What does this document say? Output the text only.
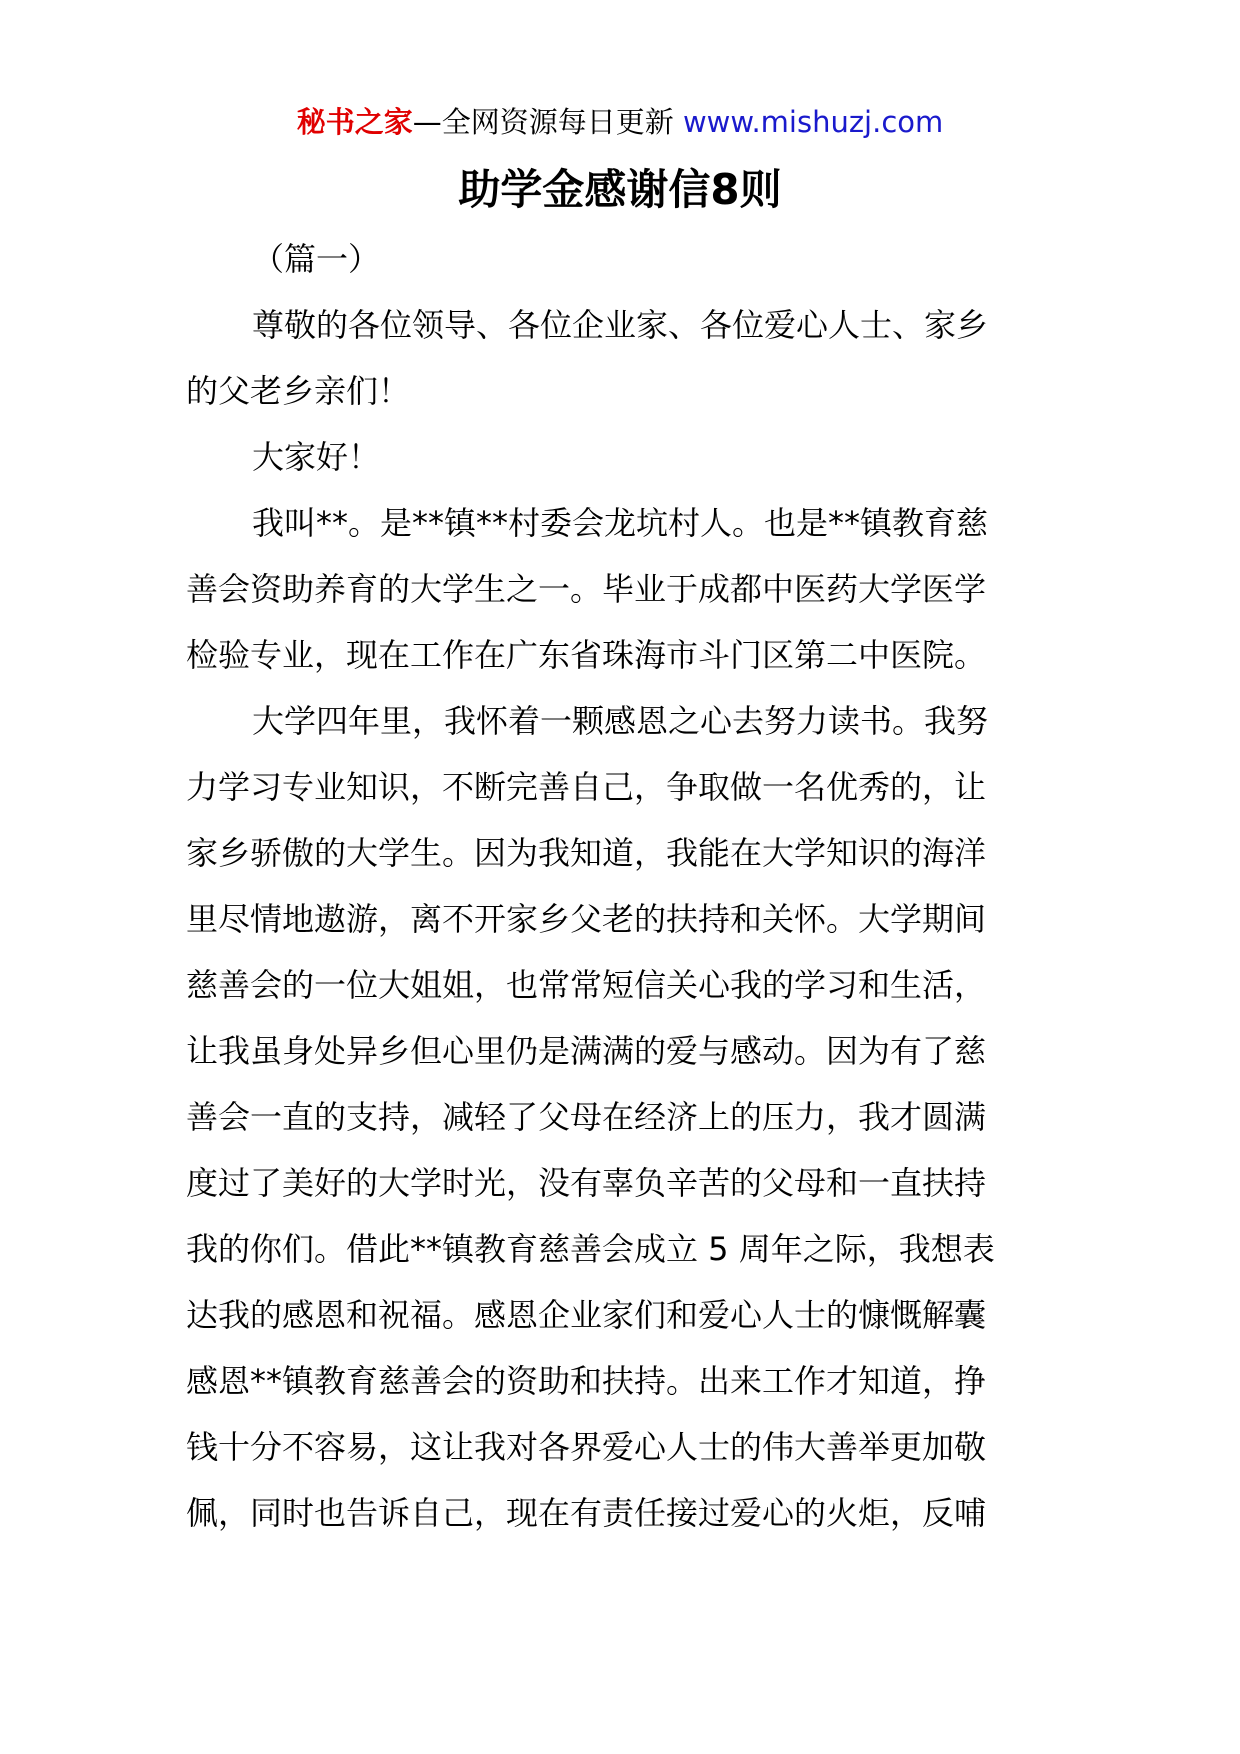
秘书之家—全网资源每日更新 www.mishuzj.com
助学金感谢信8则
（篇一）
尊敬的各位领导、各位企业家、各位爱心人士、家乡
的父老乡亲们！
大家好！
我叫**。是**镇**村委会龙坑村人。也是**镇教育慈
善会资助养育的大学生之一。毕业于成都中医药大学医学
检验专业，现在工作在广东省珠海市斗门区第二中医院。
大学四年里，我怀着一颗感恩之心去努力读书。我努
力学习专业知识，不断完善自己，争取做一名优秀的，让
家乡骄傲的大学生。因为我知道，我能在大学知识的海洋
里尽情地遨游，离不开家乡父老的扶持和关怀。大学期间
慈善会的一位大姐姐，也常常短信关心我的学习和生活，
让我虽身处异乡但心里仍是满满的爱与感动。因为有了慈
善会一直的支持，减轻了父母在经济上的压力，我才圆满
度过了美好的大学时光，没有辜负辛苦的父母和一直扶持
我的你们。借此**镇教育慈善会成立 5 周年之际，我想表
达我的感恩和祝福。感恩企业家们和爱心人士的慷慨解囊
感恩**镇教育慈善会的资助和扶持。出来工作才知道，挣
钱十分不容易，这让我对各界爱心人士的伟大善举更加敬
佩，同时也告诉自己，现在有责任接过爱心的火炬，反哺
